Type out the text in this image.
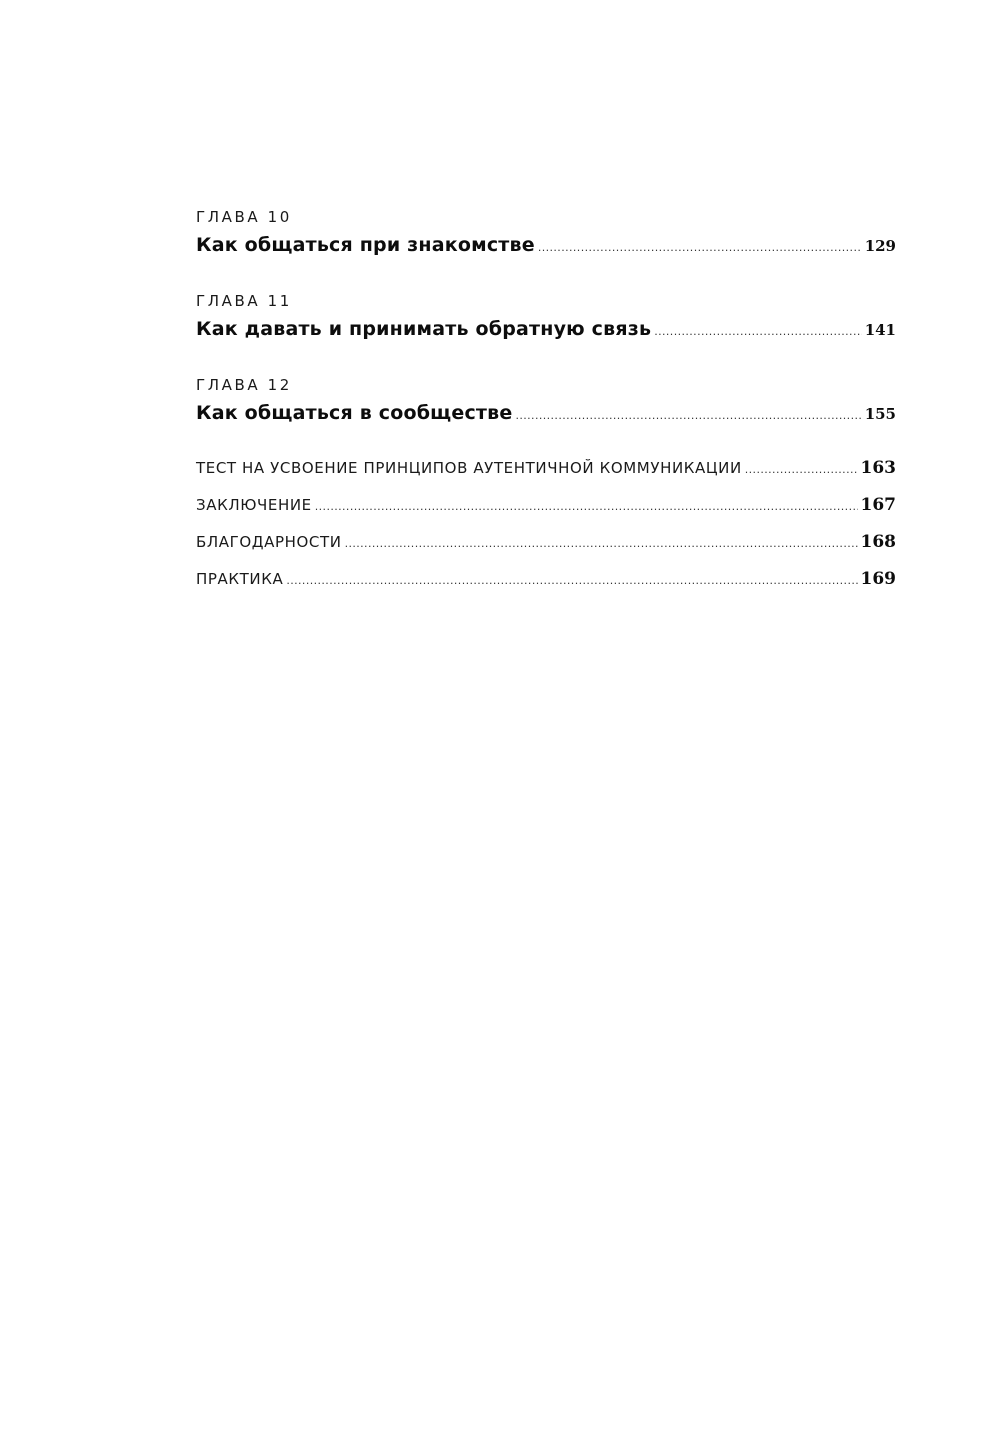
ГЛАВА 10
Как общаться при знакомстве .....	129
ГЛАВА 11
Как давать и принимать обратную связь .....	141
ГЛАВА 12
Как общаться в сообществе .....	155
ТЕСТ НА УСВОЕНИЕ ПРИНЦИПОВ АУТЕНТИЧНОЙ КОММУНИКАЦИИ .....	163
ЗАКЛЮЧЕНИЕ .....	167
БЛАГОДАРНОСТИ .....	168
ПРАКТИКА .....	169
